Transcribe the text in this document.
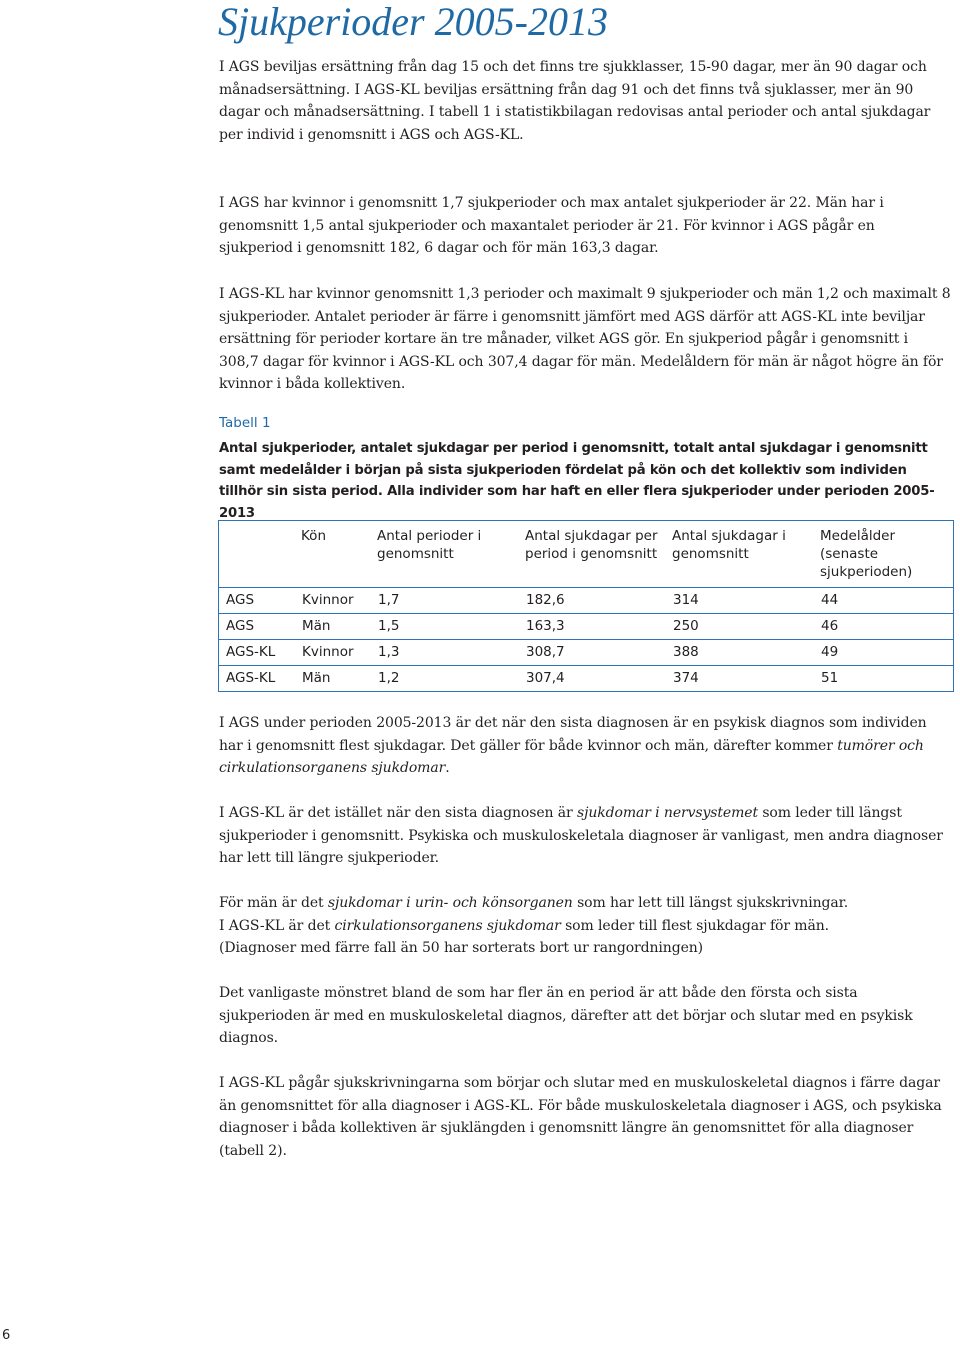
Sjukperioder 2005-2013

I AGS beviljas ersättning från dag 15 och det finns tre sjukklasser, 15-90 dagar, mer än 90 dagar och månadsersättning. I AGS-KL beviljas ersättning från dag 91 och det finns två sjuklasser, mer än 90 dagar och månadsersättning. I tabell 1 i statistikbilagan redovisas antal perioder och antal sjukdagar per individ i genomsnitt i AGS och AGS-KL.

I AGS har kvinnor i genomsnitt 1,7 sjukperioder och max antalet sjukperioder är 22. Män har i genomsnitt 1,5 antal sjukperioder och maxantalet perioder är 21. För kvinnor i AGS pågår en sjukperiod i genomsnitt 182, 6 dagar och för män 163,3 dagar.

I AGS-KL har kvinnor genomsnitt 1,3 perioder och maximalt 9 sjukperioder och män 1,2 och maximalt 8 sjukperioder. Antalet perioder är färre i genomsnitt jämfört med AGS därför att AGS-KL inte beviljar ersättning för perioder kortare än tre månader, vilket AGS gör. En sjukperiod pågår i genomsnitt i 308,7 dagar för kvinnor i AGS-KL och 307,4 dagar för män. Medelåldern för män är något högre än för kvinnor i båda kollektiven.

Tabell 1

Antal sjukperioder, antalet sjukdagar per period i genomsnitt, totalt antal sjukdagar i genomsnitt samt medelålder i början på sista sjukperioden fördelat på kön och det kollektiv som individen tillhör sin sista period. Alla individer som har haft en eller flera sjukperioder under perioden 2005-2013

	Kön	Antal perioder i genomsnitt	Antal sjukdagar per period i genomsnitt	Antal sjukdagar i genomsnitt	Medelålder (senaste sjukperioden)
AGS	Kvinnor	1,7	182,6	314	44
AGS	Män	1,5	163,3	250	46
AGS-KL	Kvinnor	1,3	308,7	388	49
AGS-KL	Män	1,2	307,4	374	51

I AGS under perioden 2005-2013 är det när den sista diagnosen är en psykisk diagnos som individen har i genomsnitt flest sjukdagar. Det gäller för både kvinnor och män, därefter kommer tumörer och cirkulationsorganens sjukdomar.

I AGS-KL är det istället när den sista diagnosen är sjukdomar i nervsystemet som leder till längst sjukperioder i genomsnitt. Psykiska och muskuloskeletala diagnoser är vanligast, men andra diagnoser har lett till längre sjukperioder.

För män är det sjukdomar i urin- och könsorganen som har lett till längst sjukskrivningar.
I AGS-KL är det cirkulationsorganens sjukdomar som leder till flest sjukdagar för män.
(Diagnoser med färre fall än 50 har sorterats bort ur rangordningen)

Det vanligaste mönstret bland de som har fler än en period är att både den första och sista sjukperioden är med en muskuloskeletal diagnos, därefter att det börjar och slutar med en psykisk diagnos.

I AGS-KL pågår sjukskrivningarna som börjar och slutar med en muskuloskeletal diagnos i färre dagar än genomsnittet för alla diagnoser i AGS-KL. För både muskuloskeletala diagnoser i AGS, och psykiska diagnoser i båda kollektiven är sjuklängden i genomsnitt längre än genomsnittet för alla diagnoser (tabell 2).

6
